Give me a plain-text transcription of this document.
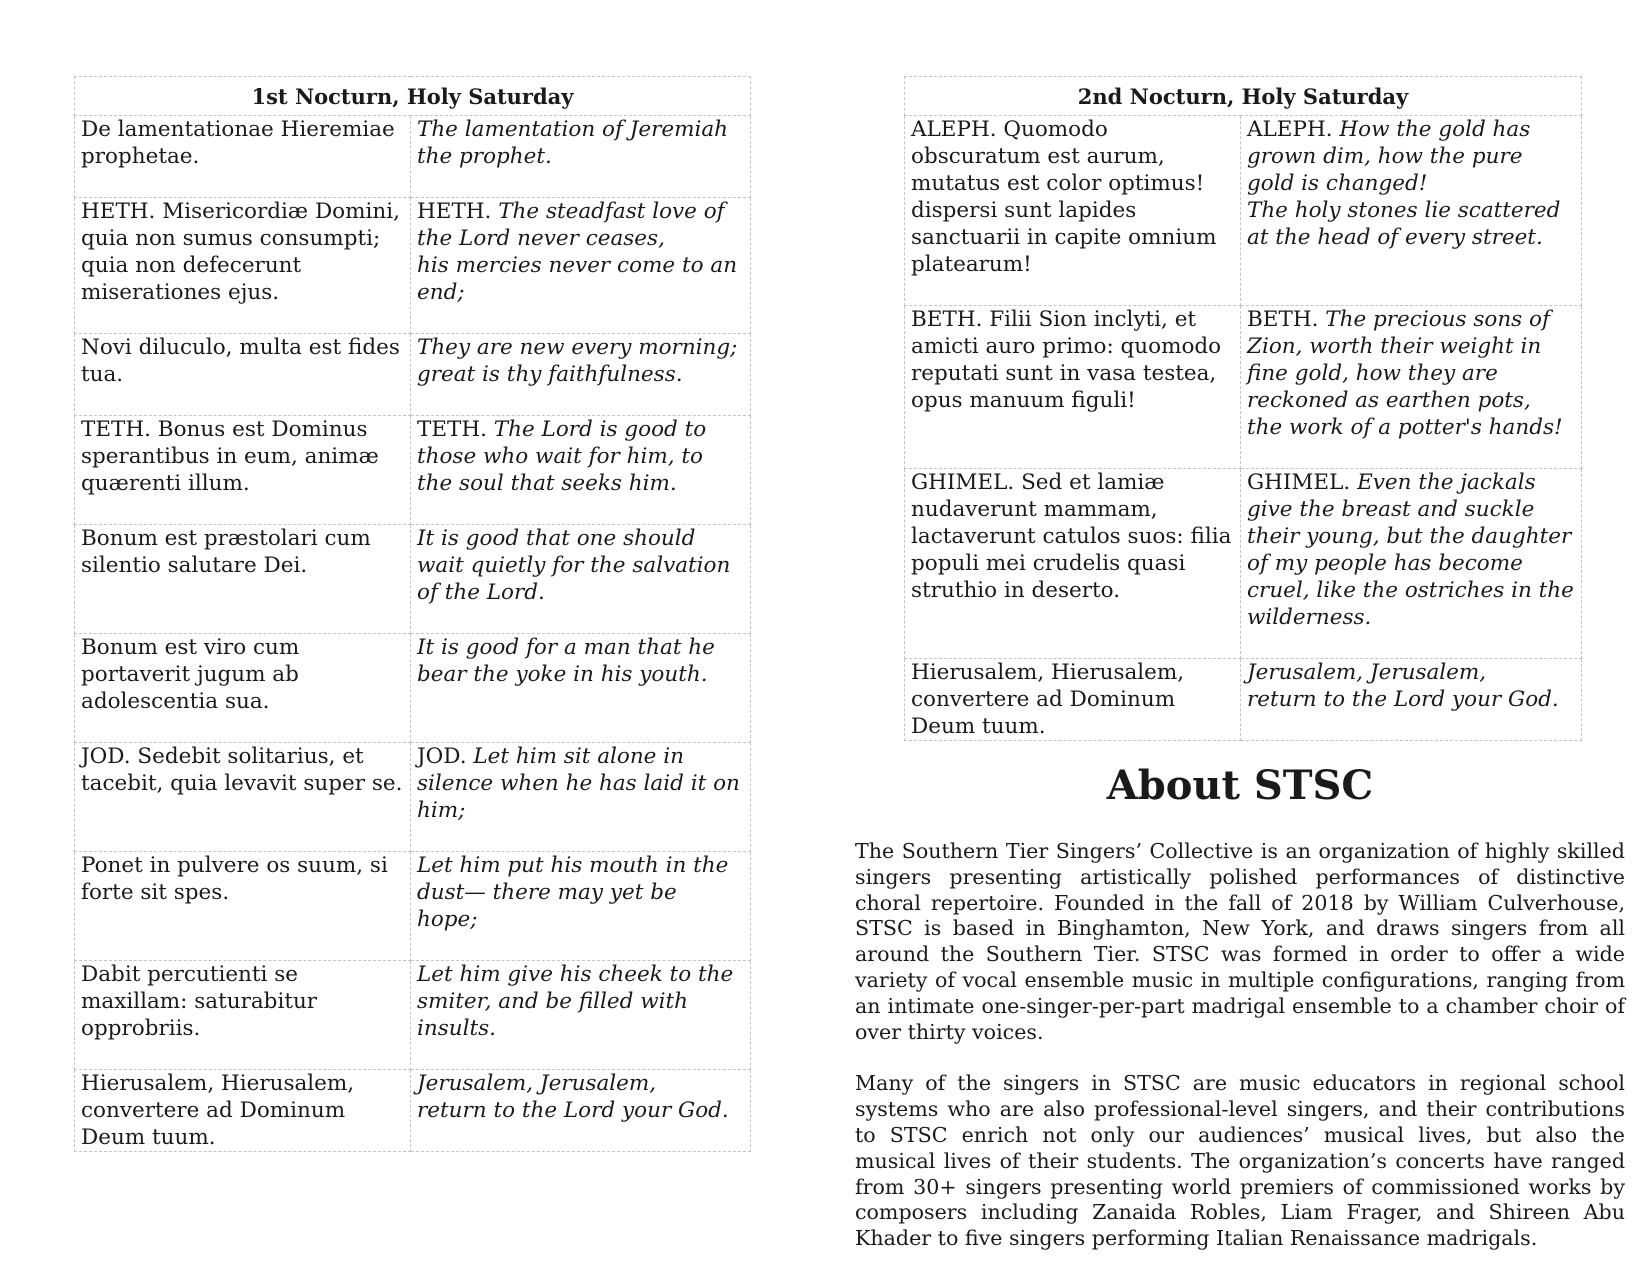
1st Nocturn, Holy Saturday	

De lamentationae Hieremiae prophetae.	The lamentation of Jeremiah the prophet.

HETH. Misericordiæ Domini, quia non sumus consumpti; quia non defecerunt miserationes ejus.	HETH. The steadfast love of the Lord never ceases,
his mercies never come to an end;

Novi diluculo, multa est fides tua.	They are new every morning; great is thy faithfulness.

TETH. Bonus est Dominus sperantibus in eum, animæ quærenti illum.	TETH. The Lord is good to those who wait for him, to the soul that seeks him.

Bonum est præstolari cum silentio salutare Dei.	It is good that one should wait quietly for the salvation of the Lord.

Bonum est viro cum portaverit jugum ab adolescentia sua.	It is good for a man that he bear the yoke in his youth.

JOD. Sedebit solitarius, et tacebit, quia levavit super se.	JOD. Let him sit alone in silence when he has laid it on him;

Ponet in pulvere os suum, si forte sit spes.	Let him put his mouth in the dust— there may yet be hope;

Dabit percutienti se maxillam: saturabitur opprobriis.	Let him give his cheek to the smiter, and be filled with insults.

Hierusalem, Hierusalem, convertere ad Dominum Deum tuum.	Jerusalem, Jerusalem,
return to the Lord your God.
2nd Nocturn, Holy Saturday	

ALEPH. Quomodo obscuratum est aurum, mutatus est color optimus! dispersi sunt lapides sanctuarii in capite omnium platearum!	ALEPH. How the gold has grown dim, how the pure gold is changed!
The holy stones lie scattered at the head of every street.

BETH. Filii Sion inclyti, et amicti auro primo: quomodo reputati sunt in vasa testea, opus manuum figuli!	BETH. The precious sons of Zion, worth their weight in fine gold, how they are reckoned as earthen pots,
the work of a potter's hands!

GHIMEL. Sed et lamiæ nudaverunt mammam, lactaverunt catulos suos: filia populi mei crudelis quasi struthio in deserto.	GHIMEL. Even the jackals give the breast and suckle their young, but the daughter of my people has become cruel, like the ostriches in the wilderness.

Hierusalem, Hierusalem, convertere ad Dominum Deum tuum.	Jerusalem, Jerusalem,
return to the Lord your God.
About STSC

The Southern Tier Singers’ Collective is an organization of highly skilled singers presenting artistically polished performances of distinctive choral repertoire. Founded in the fall of 2018 by William Culverhouse, STSC is based in Binghamton, New York, and draws singers from all around the Southern Tier. STSC was formed in order to offer a wide variety of vocal ensemble music in multiple configurations, ranging from an intimate one-singer-per-part madrigal ensemble to a chamber choir of over thirty voices.

Many of the singers in STSC are music educators in regional school systems who are also professional-level singers, and their contributions to STSC enrich not only our audiences’ musical lives, but also the musical lives of their students. The organization’s concerts have ranged from 30+ singers presenting world premiers of commissioned works by composers including Zanaida Robles, Liam Frager, and Shireen Abu Khader to five singers performing Italian Renaissance madrigals.
